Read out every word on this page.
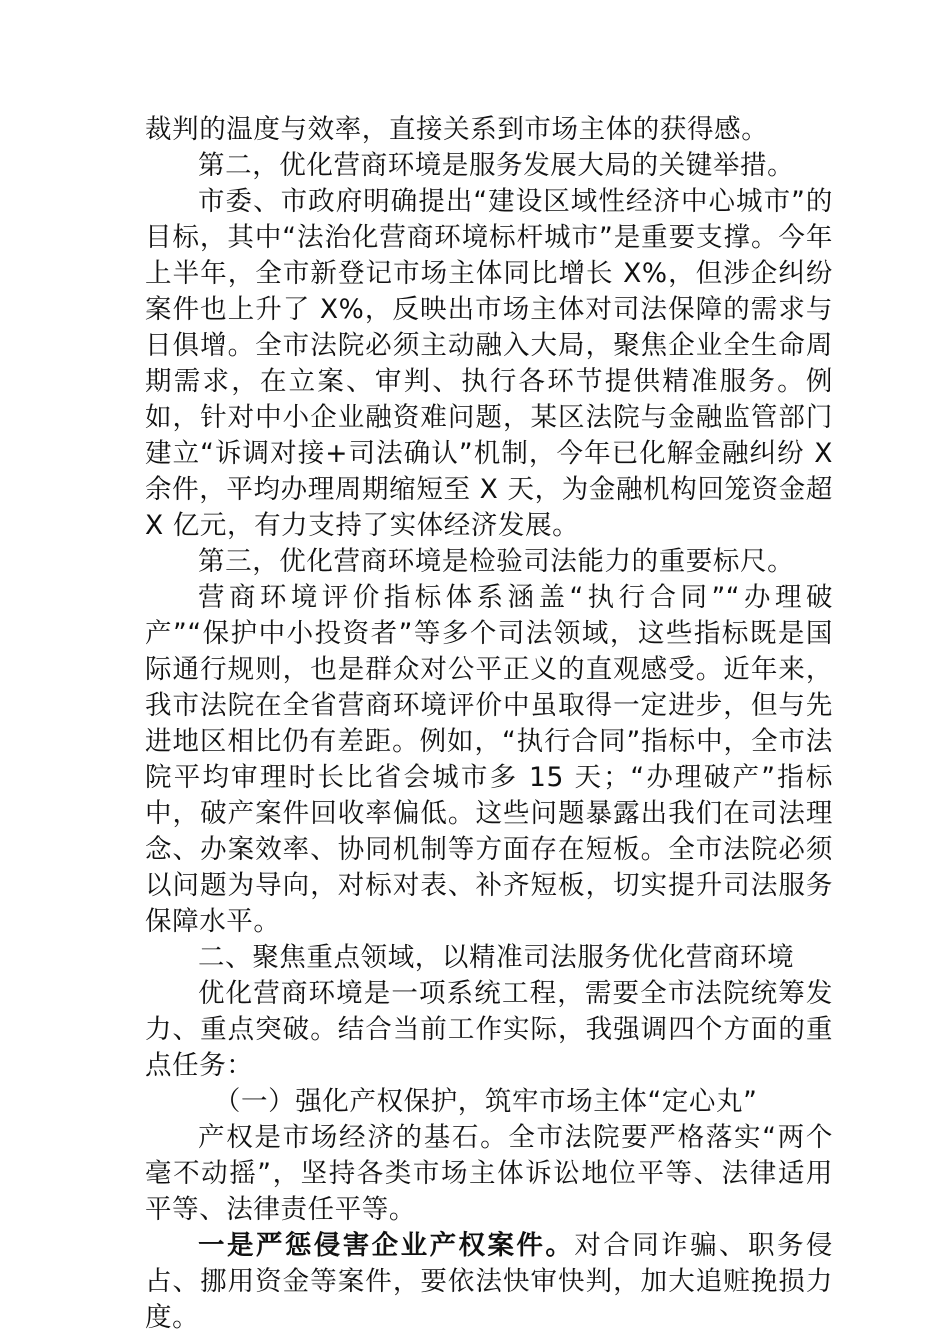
裁判的温度与效率，直接关系到市场主体的获得感。

第二，优化营商环境是服务发展大局的关键举措。

市委、市政府明确提出“建设区域性经济中心城市”的目标，其中“法治化营商环境标杆城市”是重要支撑。今年上半年，全市新登记市场主体同比增长 X%，但涉企纠纷案件也上升了 X%，反映出市场主体对司法保障的需求与日俱增。全市法院必须主动融入大局，聚焦企业全生命周期需求，在立案、审判、执行各环节提供精准服务。例如，针对中小企业融资难问题，某区法院与金融监管部门建立“诉调对接+司法确认”机制，今年已化解金融纠纷 X 余件，平均办理周期缩短至 X 天，为金融机构回笼资金超 X 亿元，有力支持了实体经济发展。

第三，优化营商环境是检验司法能力的重要标尺。

营商环境评价指标体系涵盖“执行合同”“办理破产”“保护中小投资者”等多个司法领域，这些指标既是国际通行规则，也是群众对公平正义的直观感受。近年来，我市法院在全省营商环境评价中虽取得一定进步，但与先进地区相比仍有差距。例如，“执行合同”指标中，全市法院平均审理时长比省会城市多 15 天；“办理破产”指标中，破产案件回收率偏低。这些问题暴露出我们在司法理念、办案效率、协同机制等方面存在短板。全市法院必须以问题为导向，对标对表、补齐短板，切实提升司法服务保障水平。

二、聚焦重点领域，以精准司法服务优化营商环境

优化营商环境是一项系统工程，需要全市法院统筹发力、重点突破。结合当前工作实际，我强调四个方面的重点任务：

（一）强化产权保护，筑牢市场主体“定心丸”

产权是市场经济的基石。全市法院要严格落实“两个毫不动摇”，坚持各类市场主体诉讼地位平等、法律适用平等、法律责任平等。

一是严惩侵害企业产权案件。对合同诈骗、职务侵占、挪用资金等案件，要依法快审快判，加大追赃挽损力度。
